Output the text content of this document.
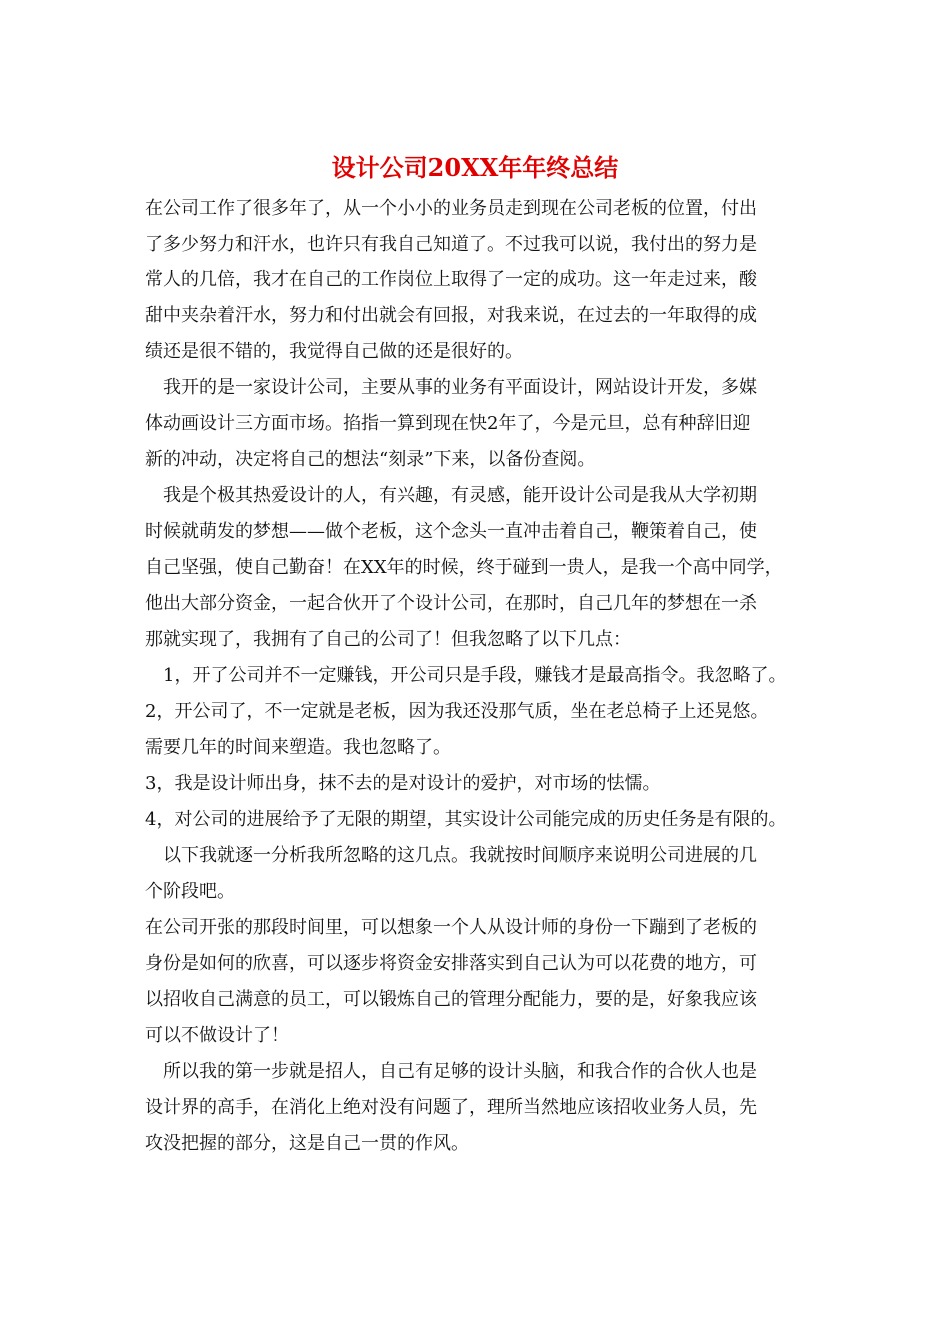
设计公司20XX年年终总结
在公司工作了很多年了，从一个小小的业务员走到现在公司老板的位置，付出
了多少努力和汗水，也许只有我自己知道了。不过我可以说，我付出的努力是
常人的几倍，我才在自己的工作岗位上取得了一定的成功。这一年走过来，酸
甜中夹杂着汗水，努力和付出就会有回报，对我来说，在过去的一年取得的成
绩还是很不错的，我觉得自己做的还是很好的。
　我开的是一家设计公司，主要从事的业务有平面设计，网站设计开发，多媒
体动画设计三方面市场。掐指一算到现在快2年了，今是元旦，总有种辞旧迎
新的冲动，决定将自己的想法“刻录”下来，以备份查阅。
　我是个极其热爱设计的人，有兴趣，有灵感，能开设计公司是我从大学初期
时候就萌发的梦想——做个老板，这个念头一直冲击着自己，鞭策着自己，使
自己坚强，使自己勤奋！在XX年的时候，终于碰到一贵人，是我一个高中同学，
他出大部分资金，一起合伙开了个设计公司，在那时，自己几年的梦想在一杀
那就实现了，我拥有了自己的公司了！但我忽略了以下几点：
　1，开了公司并不一定赚钱，开公司只是手段，赚钱才是最高指令。我忽略了。
2，开公司了，不一定就是老板，因为我还没那气质，坐在老总椅子上还晃悠。
需要几年的时间来塑造。我也忽略了。
3，我是设计师出身，抹不去的是对设计的爱护，对市场的怯懦。
4，对公司的进展给予了无限的期望，其实设计公司能完成的历史任务是有限的。
　以下我就逐一分析我所忽略的这几点。我就按时间顺序来说明公司进展的几
个阶段吧。
在公司开张的那段时间里，可以想象一个人从设计师的身份一下蹦到了老板的
身份是如何的欣喜，可以逐步将资金安排落实到自己认为可以花费的地方，可
以招收自己满意的员工，可以锻炼自己的管理分配能力，要的是，好象我应该
可以不做设计了！
　所以我的第一步就是招人，自己有足够的设计头脑，和我合作的合伙人也是
设计界的高手，在消化上绝对没有问题了，理所当然地应该招收业务人员，先
攻没把握的部分，这是自己一贯的作风。
